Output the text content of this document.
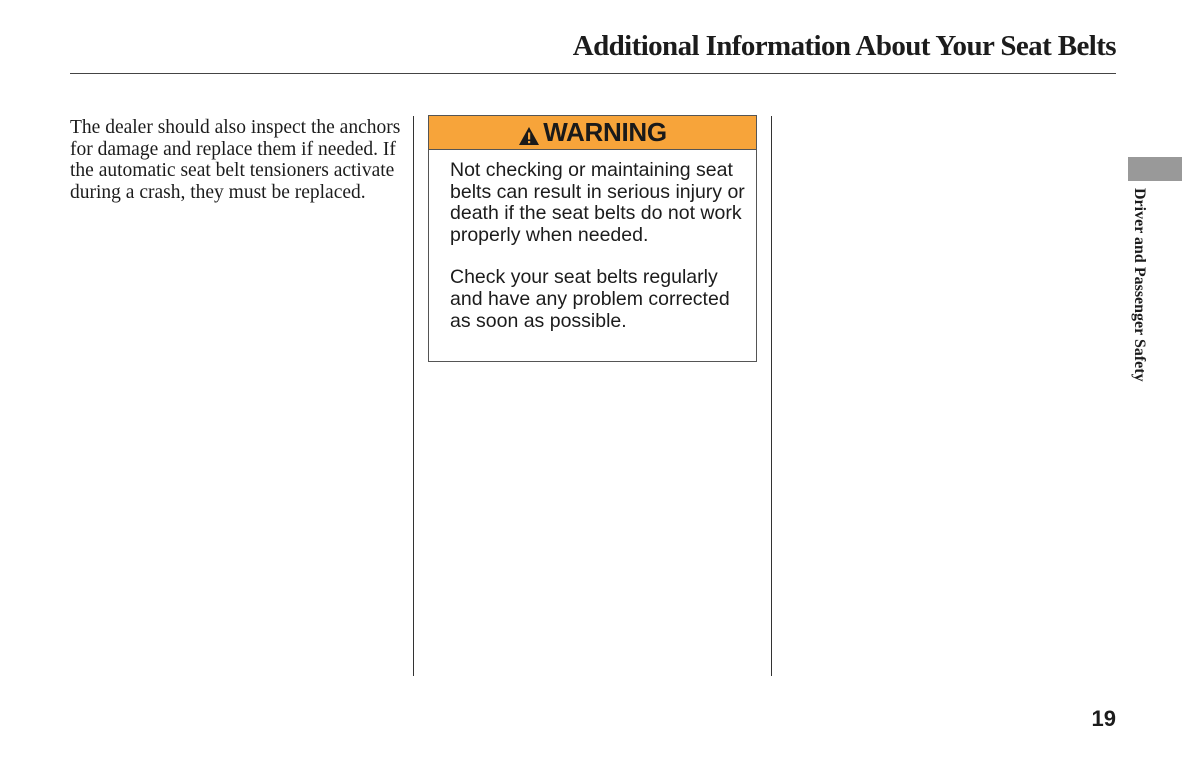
Additional Information About Your Seat Belts
The dealer should also inspect the anchors for damage and replace them if needed. If the automatic seat belt tensioners activate during a crash, they must be replaced.
WARNING

Not checking or maintaining seat belts can result in serious injury or death if the seat belts do not work properly when needed.

Check your seat belts regularly and have any problem corrected as soon as possible.	Driver and Passenger Safety
19
